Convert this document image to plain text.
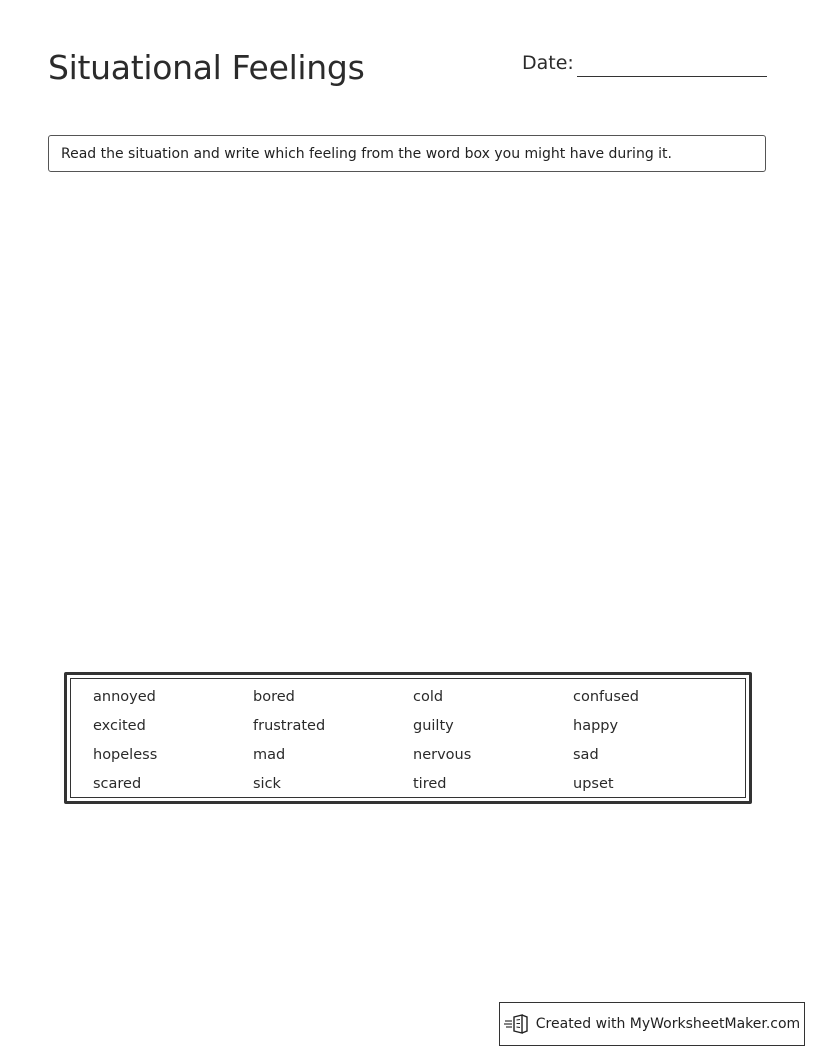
Situational Feelings	Date:
Read the situation and write which feeling from the word box you might have during it.
annoyed	bored	cold	confused
excited	frustrated	guilty	happy
hopeless	mad	nervous	sad
scared	sick	tired	upset
Created with MyWorksheetMaker.com
